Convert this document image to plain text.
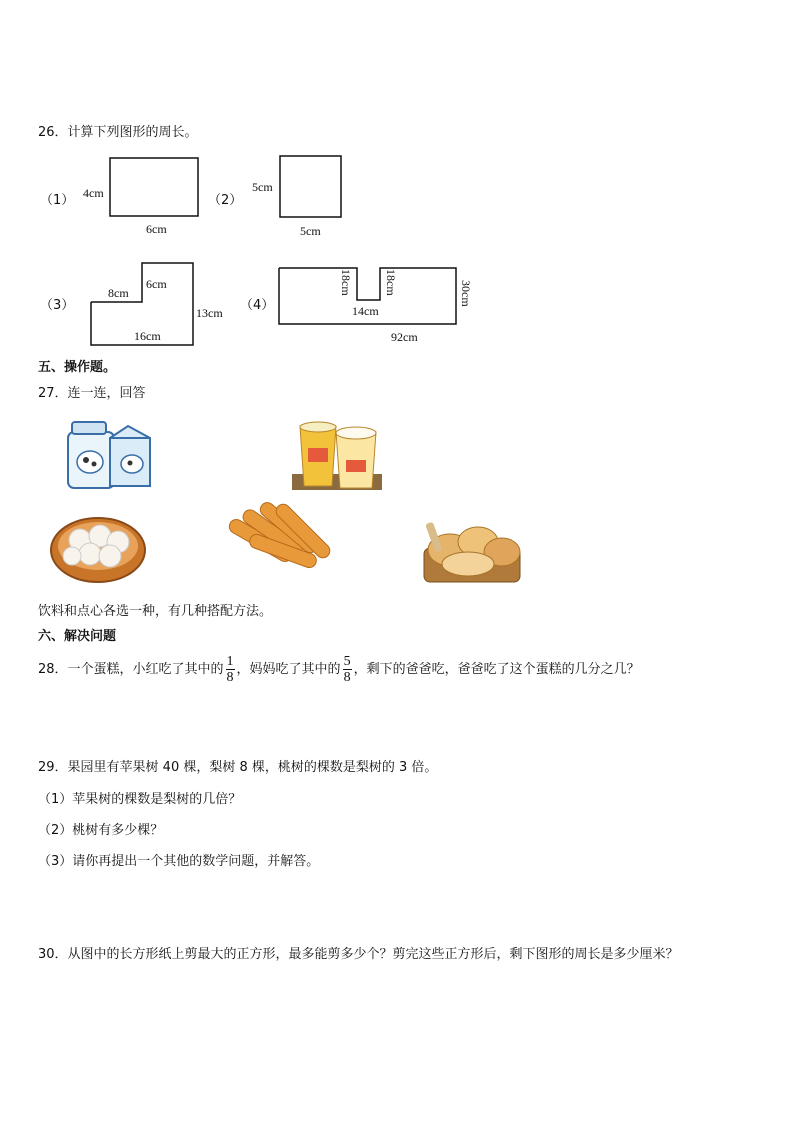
26．计算下列图形的周长。
（1） 4cm
6cm
（2）
5cm
5cm
（3）
8cm
6cm
13cm
16cm
（4）
18cm	18cm
14cm
30cm
92cm
五、操作题。
27．连一连，回答
饮料和点心各选一种，有几种搭配方法。
六、解决问题
28．一个蛋糕，小红吃了其中的 $\frac{1}{8}$ ，妈妈吃了其中的 $\frac{5}{8}$ ，剩下的爸爸吃，爸爸吃了这个蛋糕的几分之几？
29．果园里有苹果树 40 棵，梨树 8 棵，桃树的棵数是梨树的 3 倍。
（1）苹果树的棵数是梨树的几倍？
（2）桃树有多少棵？
（3）请你再提出一个其他的数学问题，并解答。
30．从图中的长方形纸上剪最大的正方形，最多能剪多少个？剪完这些正方形后，剩下图形的周长是多少厘米？
